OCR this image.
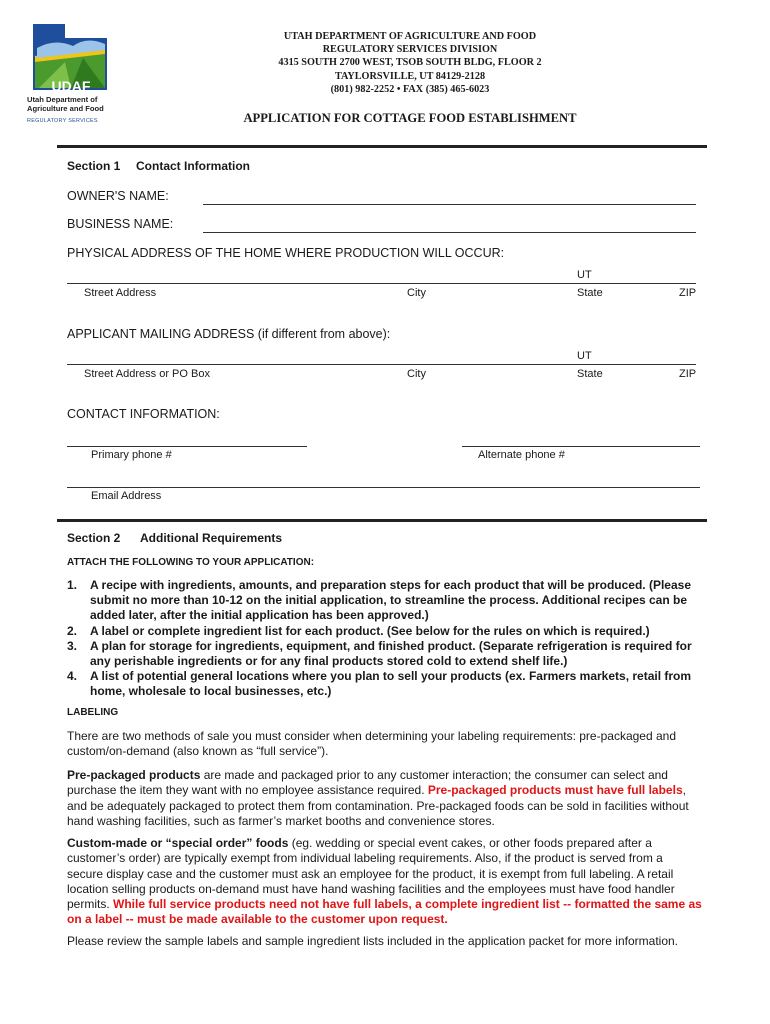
UDAF
Utah Department of
Agriculture and Food
REGULATORY SERVICES
UTAH DEPARTMENT OF AGRICULTURE AND FOOD
REGULATORY SERVICES DIVISION
4315 SOUTH 2700 WEST, TSOB SOUTH BLDG, FLOOR 2
TAYLORSVILLE, UT 84129-2128
(801) 982-2252 • FAX (385) 465-6023
APPLICATION FOR COTTAGE FOOD ESTABLISHMENT
Section 1 Contact Information
OWNER'S NAME:
BUSINESS NAME:
PHYSICAL ADDRESS OF THE HOME WHERE PRODUCTION WILL OCCUR:
UT
Street Address	City	State	ZIP
APPLICANT MAILING ADDRESS (if different from above):
UT
Street Address or PO Box	City	State	ZIP
CONTACT INFORMATION:
Primary phone #	Alternate phone #
Email Address
Section 2 Additional Requirements
ATTACH THE FOLLOWING TO YOUR APPLICATION:
1.	A recipe with ingredients, amounts, and preparation steps for each product that will be produced. (Please submit no more than 10-12 on the initial application, to streamline the process. Additional recipes can be added later, after the initial application has been approved.)
2.	A label or complete ingredient list for each product. (See below for the rules on which is required.)
3.	A plan for storage for ingredients, equipment, and finished product. (Separate refrigeration is required for any perishable ingredients or for any final products stored cold to extend shelf life.)
4.	A list of potential general locations where you plan to sell your products (ex. Farmers markets, retail from home, wholesale to local businesses, etc.)
LABELING
There are two methods of sale you must consider when determining your labeling requirements: pre-packaged and custom/on-demand (also known as “full service”).
Pre-packaged products are made and packaged prior to any customer interaction; the consumer can select and purchase the item they want with no employee assistance required. Pre-packaged products must have full labels, and be adequately packaged to protect them from contamination. Pre-packaged foods can be sold in facilities without hand washing facilities, such as farmer’s market booths and convenience stores.
Custom-made or “special order” foods (eg. wedding or special event cakes, or other foods prepared after a customer’s order) are typically exempt from individual labeling requirements. Also, if the product is served from a secure display case and the customer must ask an employee for the product, it is exempt from full labeling. A retail location selling products on-demand must have hand washing facilities and the employees must have food handler permits. While full service products need not have full labels, a complete ingredient list -- formatted the same as on a label -- must be made available to the customer upon request.
Please review the sample labels and sample ingredient lists included in the application packet for more information.
